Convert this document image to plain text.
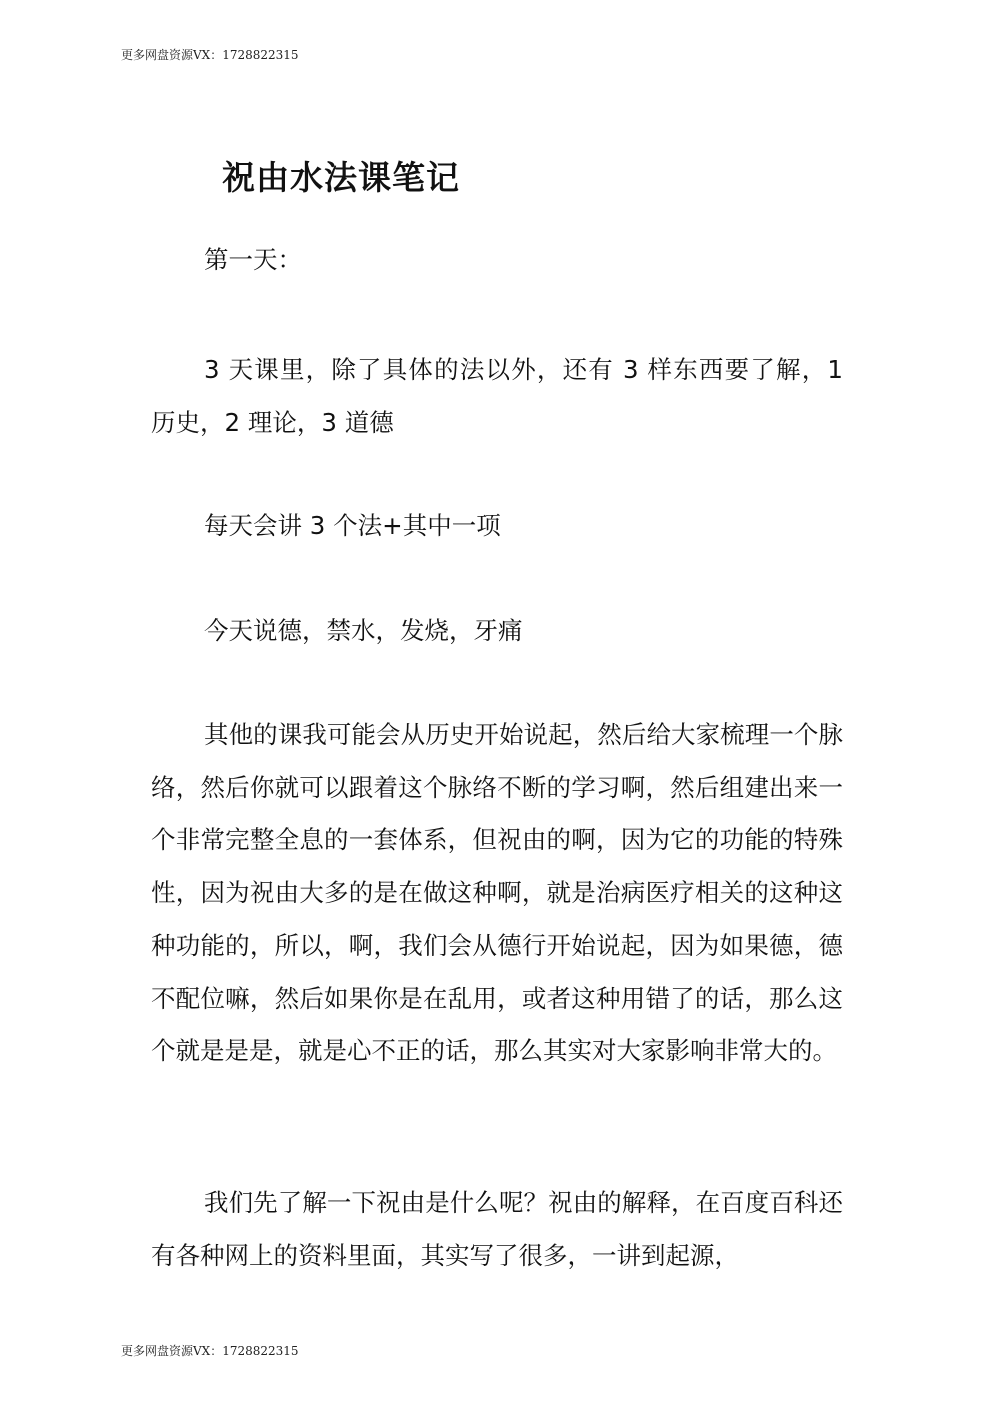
更多网盘资源VX：1728822315
祝由水法课笔记

第一天：

3 天课里，除了具体的法以外，还有 3 样东西要了解，1 历史，2 理论，3 道德

每天会讲 3 个法+其中一项

今天说德，禁水，发烧，牙痛

其他的课我可能会从历史开始说起，然后给大家梳理一个脉络，然后你就可以跟着这个脉络不断的学习啊，然后组建出来一个非常完整全息的一套体系，但祝由的啊，因为它的功能的特殊性，因为祝由大多的是在做这种啊，就是治病医疗相关的这种这种功能的，所以，啊，我们会从德行开始说起，因为如果德，德不配位嘛，然后如果你是在乱用，或者这种用错了的话，那么这个就是是是，就是心不正的话，那么其实对大家影响非常大的。

我们先了解一下祝由是什么呢？祝由的解释，在百度百科还有各种网上的资料里面，其实写了很多，一讲到起源，

更多网盘资源VX：1728822315
